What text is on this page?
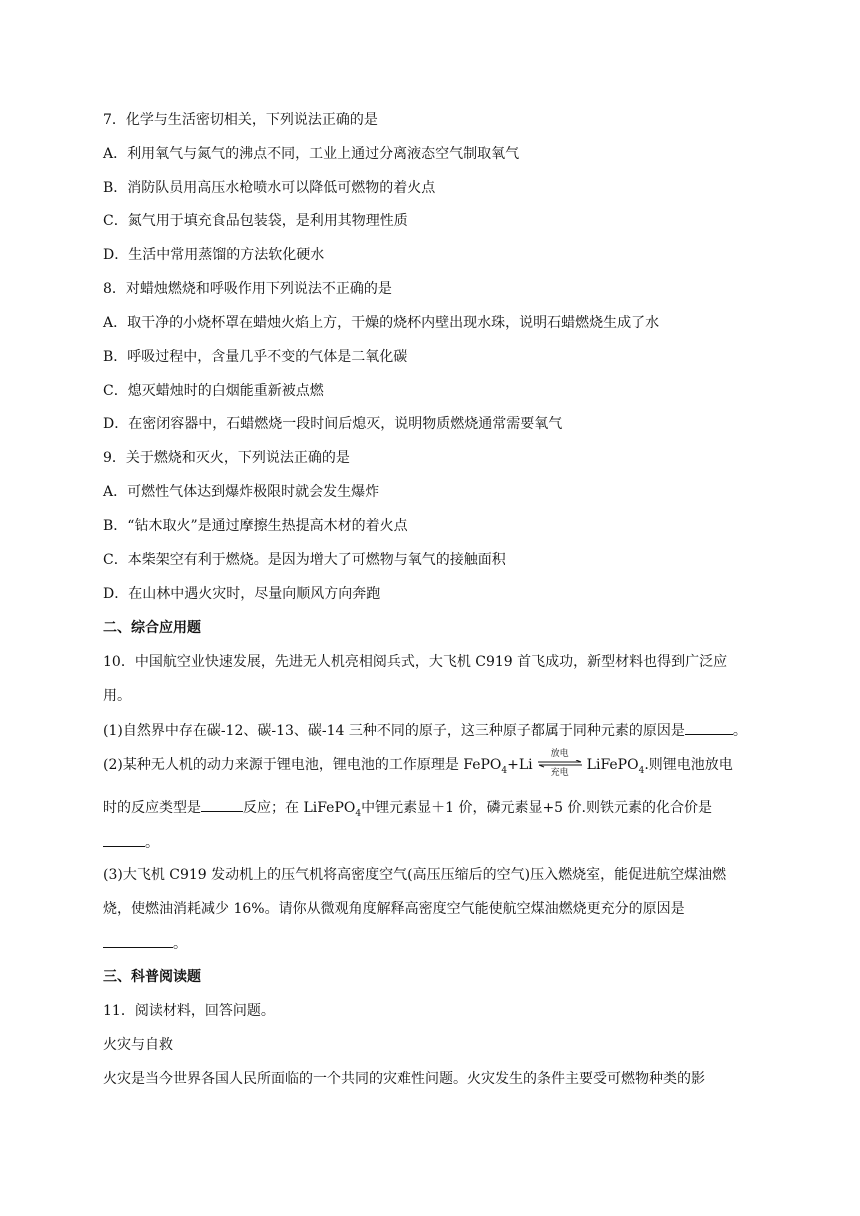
7．化学与生活密切相关，下列说法正确的是
A．利用氧气与氮气的沸点不同，工业上通过分离液态空气制取氧气
B．消防队员用高压水枪喷水可以降低可燃物的着火点
C．氮气用于填充食品包装袋，是利用其物理性质
D．生活中常用蒸馏的方法软化硬水
8．对蜡烛燃烧和呼吸作用下列说法不正确的是
A．取干净的小烧杯罩在蜡烛火焰上方，干燥的烧杯内壁出现水珠，说明石蜡燃烧生成了水
B．呼吸过程中，含量几乎不变的气体是二氧化碳
C．熄灭蜡烛时的白烟能重新被点燃
D．在密闭容器中，石蜡燃烧一段时间后熄灭，说明物质燃烧通常需要氧气
9．关于燃烧和灭火，下列说法正确的是
A．可燃性气体达到爆炸极限时就会发生爆炸
B．“钻木取火”是通过摩擦生热提高木材的着火点
C．本柴架空有利于燃烧。是因为增大了可燃物与氧气的接触面积
D．在山林中遇火灾时，尽量向顺风方向奔跑
二、综合应用题
10．中国航空业快速发展，先进无人机亮相阅兵式，大飞机 C919 首飞成功，新型材料也得到广泛应
用。
(1)自然界中存在碳-12、碳-13、碳-14 三种不同的原子，这三种原子都属于同种元素的原因是	。
(2)某种无人机的动力来源于锂电池，锂电池的工作原理是 FePO$_4$+Li
放电
充电	LiFePO$_4$.则锂电池放电
时的反应类型是	反应；在 LiFePO$_4$中锂元素显＋1 价，磷元素显+5 价.则铁元素的化合价是
。
(3)大飞机 C919 发动机上的压气机将高密度空气(高压压缩后的空气)压入燃烧室，能促进航空煤油燃
烧，使燃油消耗减少 16%。请你从微观角度解释高密度空气能使航空煤油燃烧更充分的原因是
。
三、科普阅读题
11．阅读材料，回答问题。
火灾与自救
火灾是当今世界各国人民所面临的一个共同的灾难性问题。火灾发生的条件主要受可燃物种类的影
